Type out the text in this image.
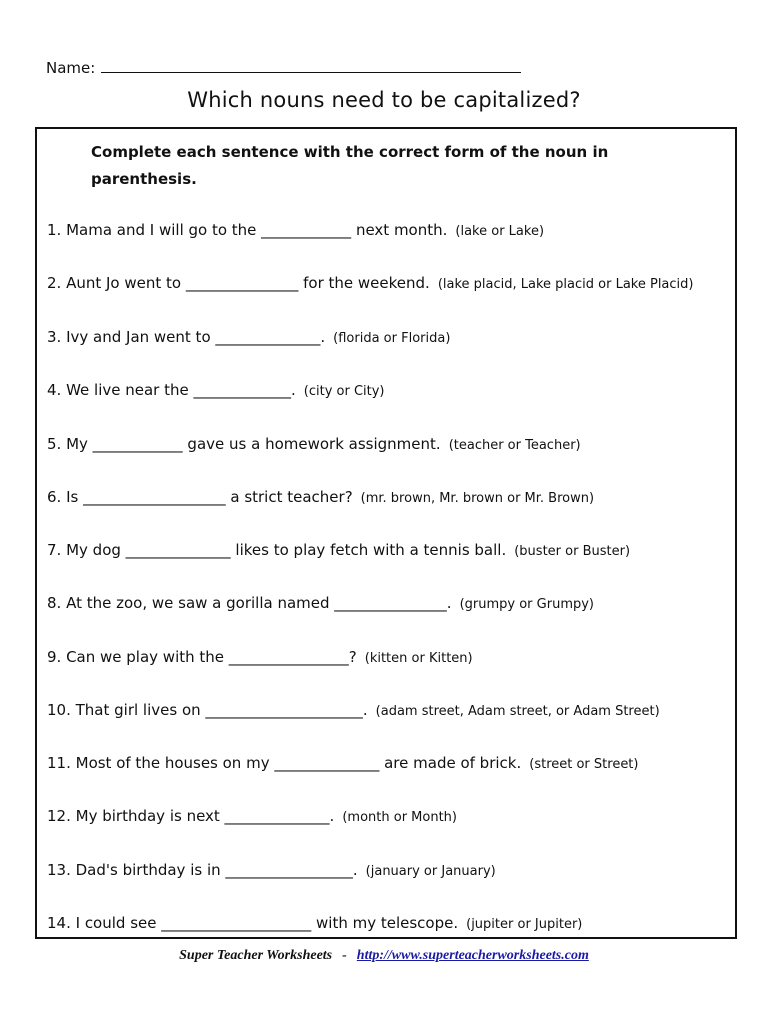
Name:
Which nouns need to be capitalized?
Complete each sentence with the correct form of the noun in parenthesis.
1. Mama and I will go to the ____________ next month. (lake or Lake)
2. Aunt Jo went to _______________ for the weekend. (lake placid, Lake placid or Lake Placid)
3. Ivy and Jan went to ______________. (florida or Florida)
4. We live near the _____________. (city or City)
5. My ____________ gave us a homework assignment. (teacher or Teacher)
6. Is ___________________ a strict teacher? (mr. brown, Mr. brown or Mr. Brown)
7. My dog ______________ likes to play fetch with a tennis ball. (buster or Buster)
8. At the zoo, we saw a gorilla named _______________. (grumpy or Grumpy)
9. Can we play with the ________________? (kitten or Kitten)
10. That girl lives on _____________________. (adam street, Adam street, or Adam Street)
11. Most of the houses on my ______________ are made of brick. (street or Street)
12. My birthday is next ______________. (month or Month)
13. Dad's birthday is in _________________. (january or January)
14. I could see ____________________ with my telescope. (jupiter or Jupiter)
Super Teacher Worksheets - http://www.superteacherworksheets.com
